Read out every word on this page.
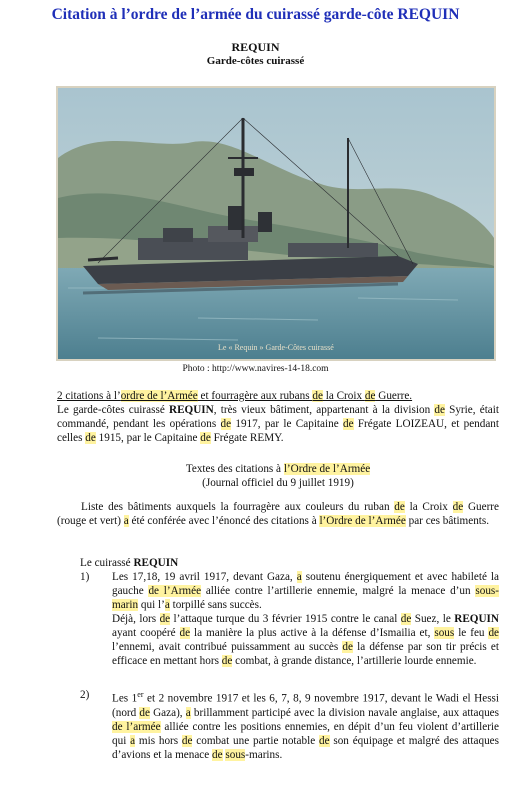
Citation à l’ordre de l’armée du cuirassé garde-côte REQUIN
REQUIN
Garde-côtes cuirassé
Le « Requin » Garde-Côtes cuirassé
Photo : http://www.navires-14-18.com
2 citations à l’ordre de l’Armée et fourragère aux rubans de la Croix de Guerre.
Le garde-côtes cuirassé REQUIN, très vieux bâtiment, appartenant à la division de Syrie, était commandé, pendant les opérations de 1917, par le Capitaine de Frégate LOIZEAU, et pendant celles de 1915, par le Capitaine de Frégate REMY.
Textes des citations à l’Ordre de l’Armée
(Journal officiel du 9 juillet 1919)
Liste des bâtiments auxquels la fourragère aux couleurs du ruban de la Croix de Guerre (rouge et vert) a été conférée avec l’énoncé des citations à l’Ordre de l’Armée par ces bâtiments.
Le cuirassé REQUIN
1) Les 17,18, 19 avril 1917, devant Gaza, a soutenu énergiquement et avec habileté la gauche de l’Armée alliée contre l’artillerie ennemie, malgré la menace d’un sous-marin qui l’a torpillé sans succès.
Déjà, lors de l’attaque turque du 3 février 1915 contre le canal de Suez, le REQUIN ayant coopéré de la manière la plus active à la défense d’Ismailia et, sous le feu de l’ennemi, avait contribué puissamment au succès de la défense par son tir précis et efficace en mettant hors de combat, à grande distance, l’artillerie lourde ennemie.
2) Les 1er et 2 novembre 1917 et les 6, 7, 8, 9 novembre 1917, devant le Wadi el Hessi (nord de Gaza), a brillamment participé avec la division navale anglaise, aux attaques de l’armée alliée contre les positions ennemies, en dépit d’un feu violent d’artillerie qui a mis hors de combat une partie notable de son équipage et malgré des attaques d’avions et la menace de sous-marins.
